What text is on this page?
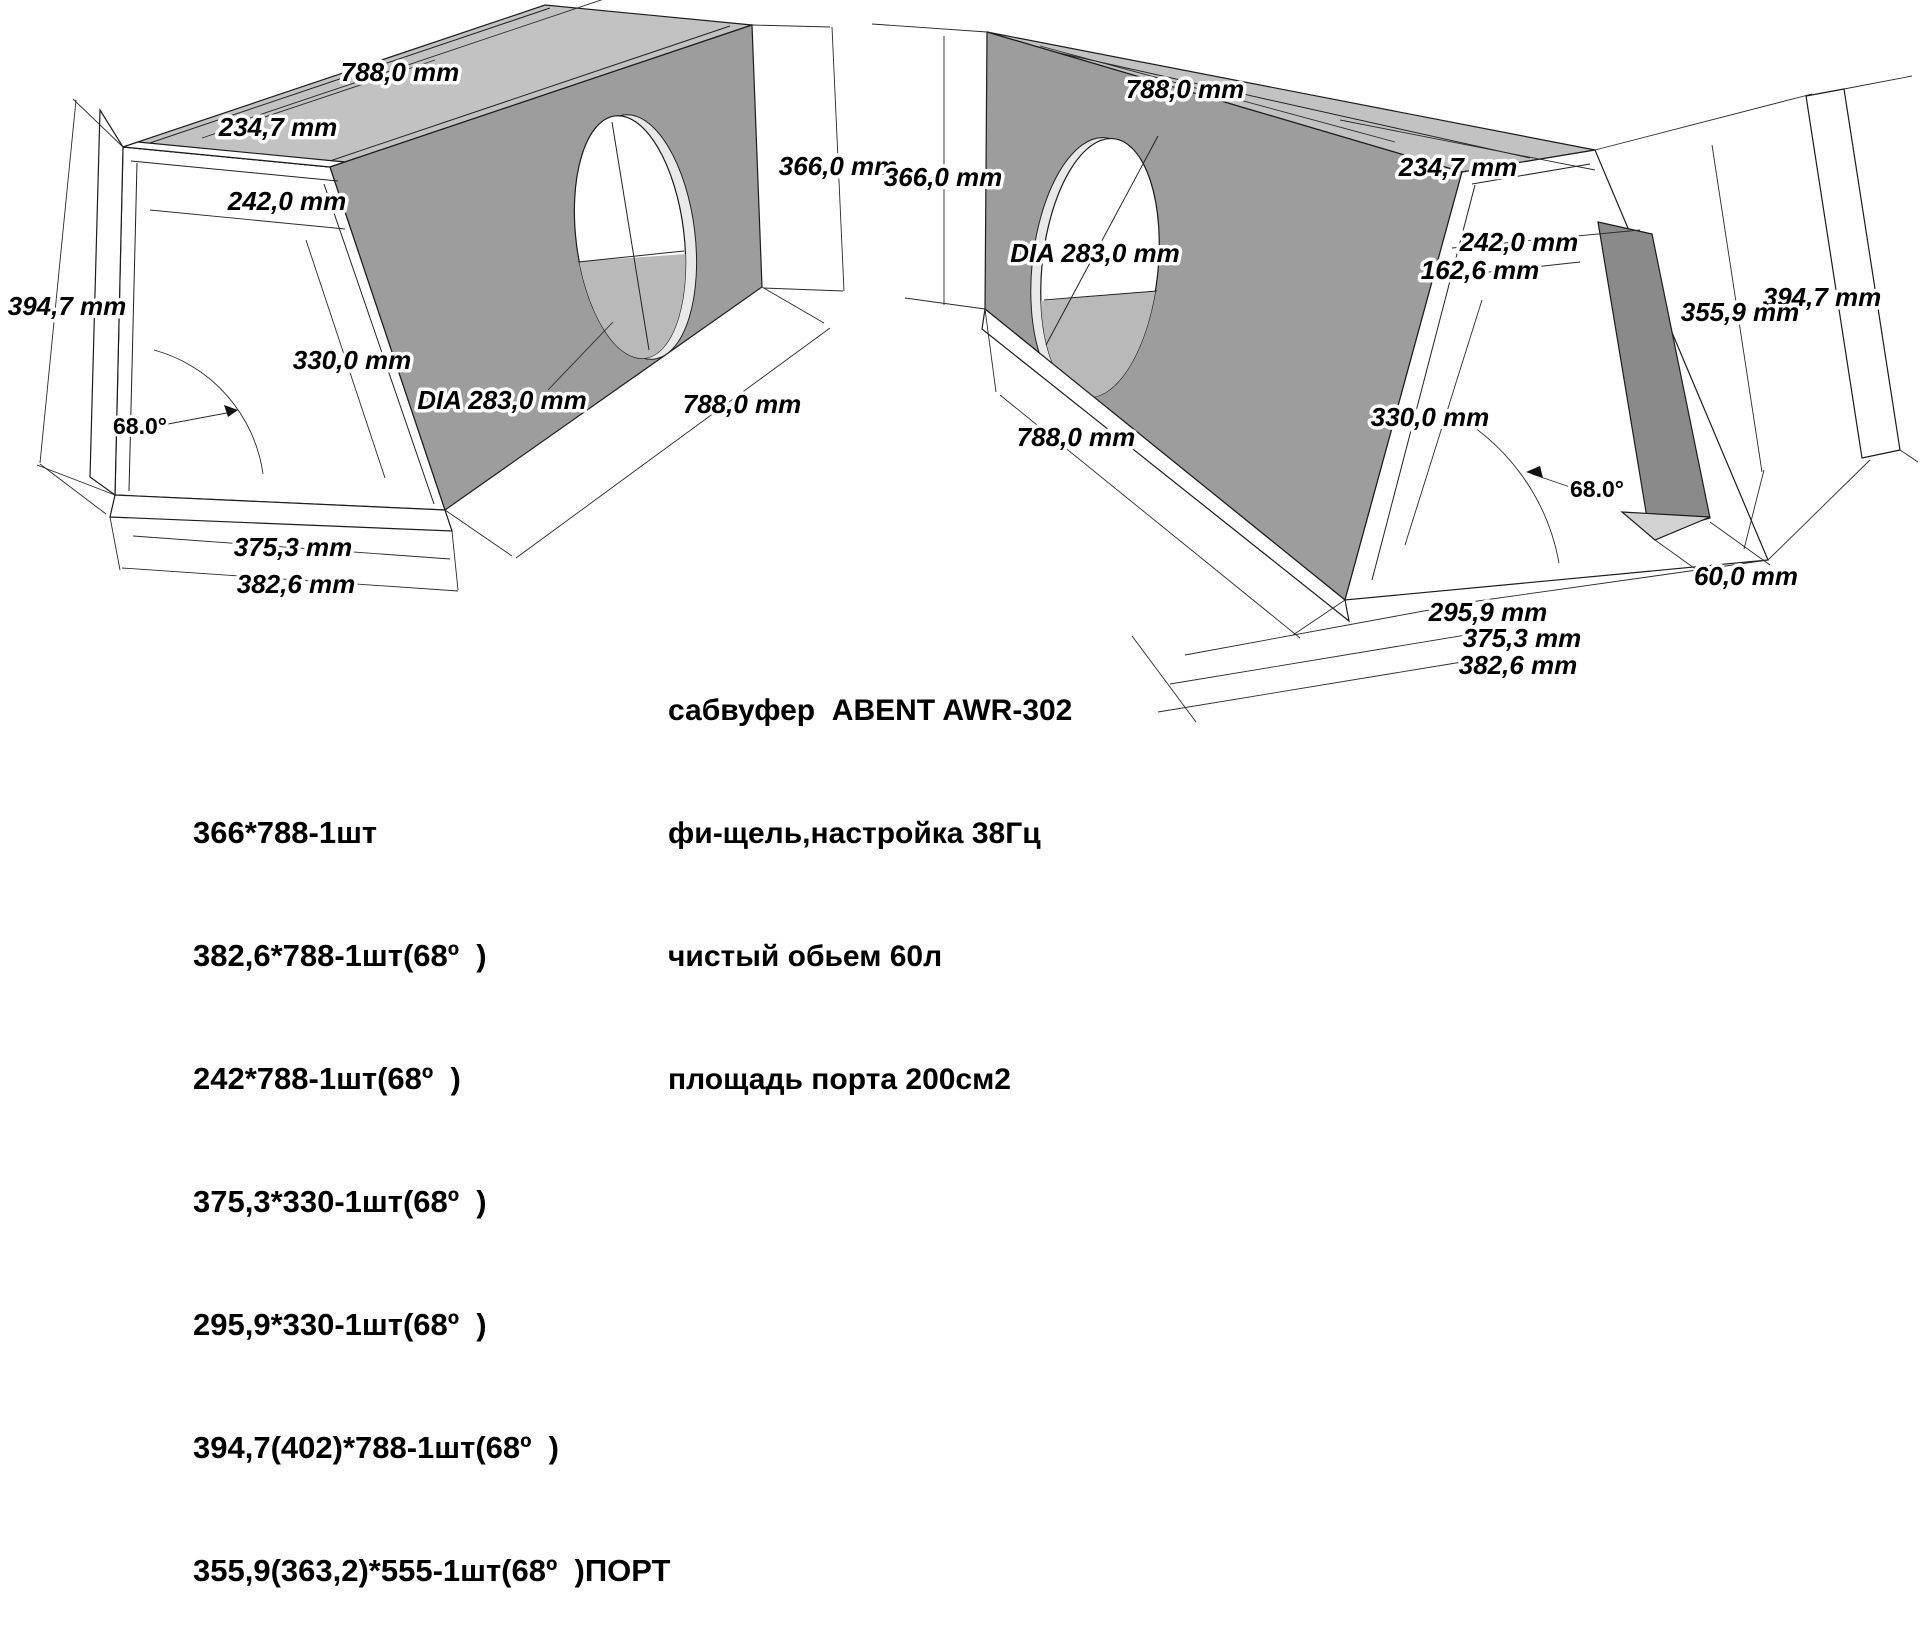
788,0 mm
234,7 mm
242,0 mm
366,0 mm
394,7 mm
330,0 mm
DIA 283,0 mm	788,0 mm
68.0°
375,3 mm
382,6 mm
788,0 mm
234,7 mm
366,0 mm
DIA 283,0 mm	242,0 mm
162,6 mm
394,7 mm
355,9 mm
330,0 mm
788,0 mm
68.0°
60,0 mm
295,9 mm
375,3 mm
382,6 mm

сабвуфер  ABENT AWR-302

фи-щель,настройка 38Гц

чистый обьем 60л

площадь порта 200см2

366*788-1шт

382,6*788-1шт(68º  )

242*788-1шт(68º  )

375,3*330-1шт(68º  )

295,9*330-1шт(68º  )

394,7(402)*788-1шт(68º  )

355,9(363,2)*555-1шт(68º  )ПОРТ
